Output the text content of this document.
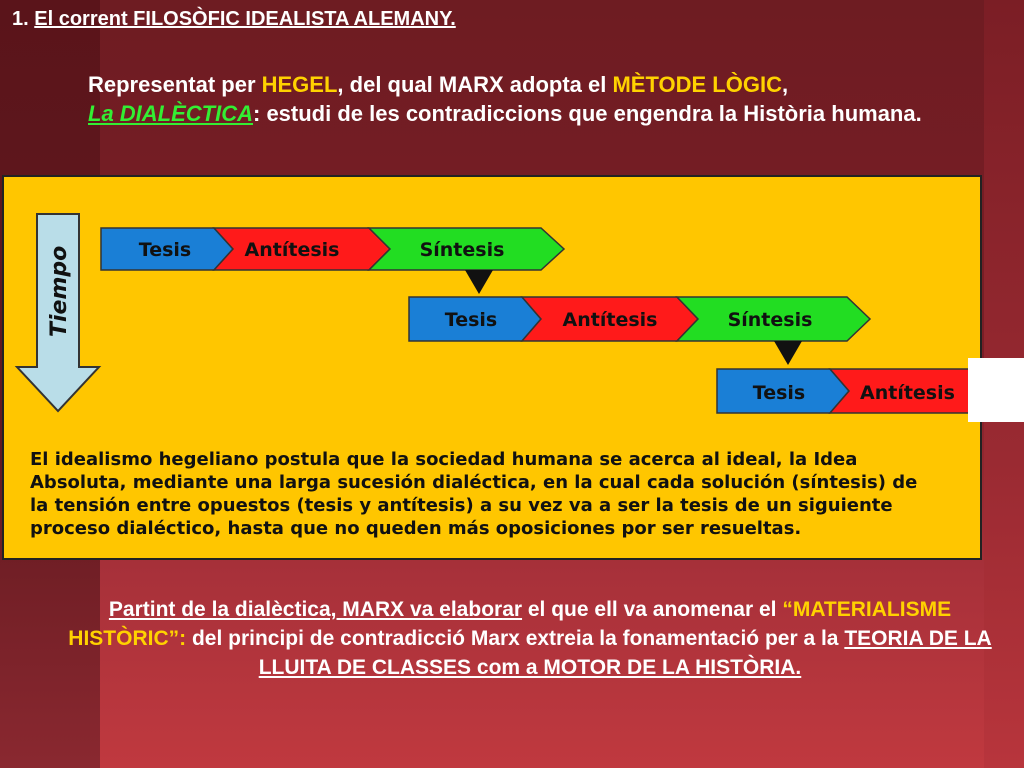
1. El corrent FILOSÒFIC IDEALISTA ALEMANY.
Representat per HEGEL, del qual MARX adopta el MÈTODE LÒGIC,
La DIALÈCTICA: estudi de les contradiccions que engendra la Història humana.
Tiempo	Tesis	Antítesis	Síntesis
Tesis	Antítesis	Síntesis
Tesis	Antítesis
El idealismo hegeliano postula que la sociedad humana se acerca al ideal, la Idea Absoluta, mediante una larga sucesión dialéctica, en la cual cada solución (síntesis) de la tensión entre opuestos (tesis y antítesis) a su vez va a ser la tesis de un siguiente proceso dialéctico, hasta que no queden más oposiciones por ser resueltas.
Partint de la dialèctica, MARX va elaborar el que ell va anomenar el “MATERIALISME HISTÒRIC”: del principi de contradicció Marx extreia la fonamentació per a la TEORIA DE LA LLUITA DE CLASSES com a MOTOR DE LA HISTÒRIA.
